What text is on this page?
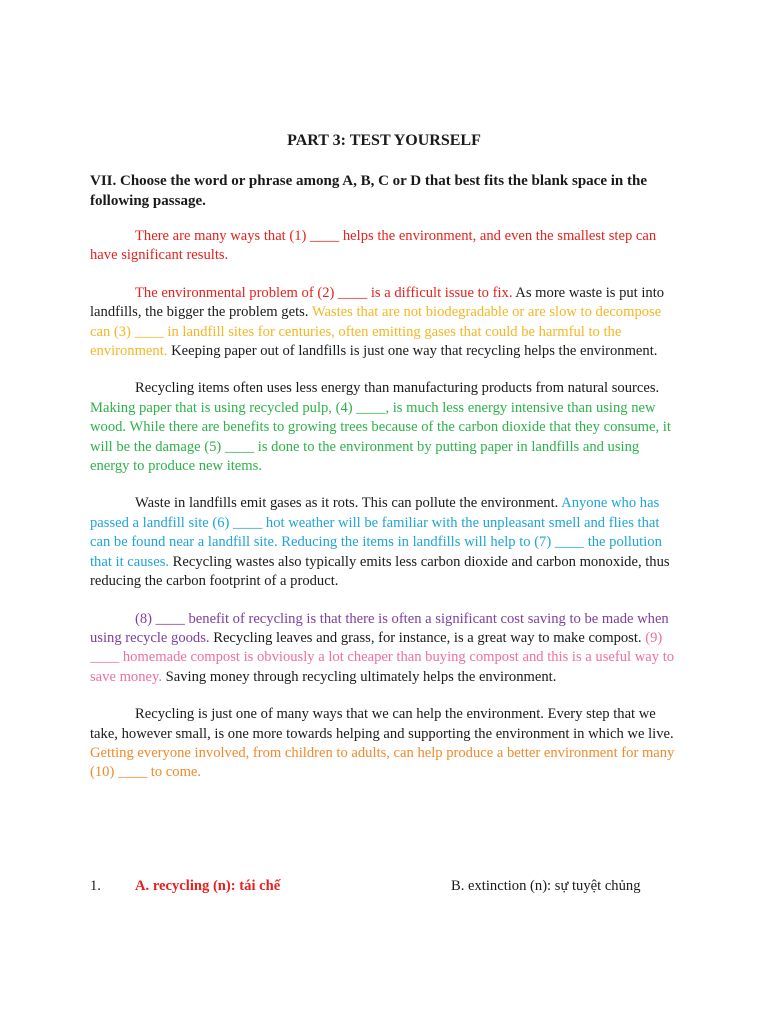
PART 3: TEST YOURSELF

VII. Choose the word or phrase among A, B, C or D that best fits the blank space in the following passage.

There are many ways that (1) ____ helps the environment, and even the smallest step can have significant results.

The environmental problem of (2) ____ is a difficult issue to fix. As more waste is put into landfills, the bigger the problem gets. Wastes that are not biodegradable or are slow to decompose can (3) ____ in landfill sites for centuries, often emitting gases that could be harmful to the environment. Keeping paper out of landfills is just one way that recycling helps the environment.

Recycling items often uses less energy than manufacturing products from natural sources. Making paper that is using recycled pulp, (4) ____, is much less energy intensive than using new wood. While there are benefits to growing trees because of the carbon dioxide that they consume, it will be the damage (5) ____ is done to the environment by putting paper in landfills and using energy to produce new items.

Waste in landfills emit gases as it rots. This can pollute the environment. Anyone who has passed a landfill site (6) ____ hot weather will be familiar with the unpleasant smell and flies that can be found near a landfill site. Reducing the items in landfills will help to (7) ____ the pollution that it causes. Recycling wastes also typically emits less carbon dioxide and carbon monoxide, thus reducing the carbon footprint of a product.

(8) ____ benefit of recycling is that there is often a significant cost saving to be made when using recycle goods. Recycling leaves and grass, for instance, is a great way to make compost. (9) ____ homemade compost is obviously a lot cheaper than buying compost and this is a useful way to save money. Saving money through recycling ultimately helps the environment.

Recycling is just one of many ways that we can help the environment. Every step that we take, however small, is one more towards helping and supporting the environment in which we live. Getting everyone involved, from children to adults, can help produce a better environment for many (10) ____ to come.

1. A. recycling (n): tái chế	B. extinction (n): sự tuyệt chủng
